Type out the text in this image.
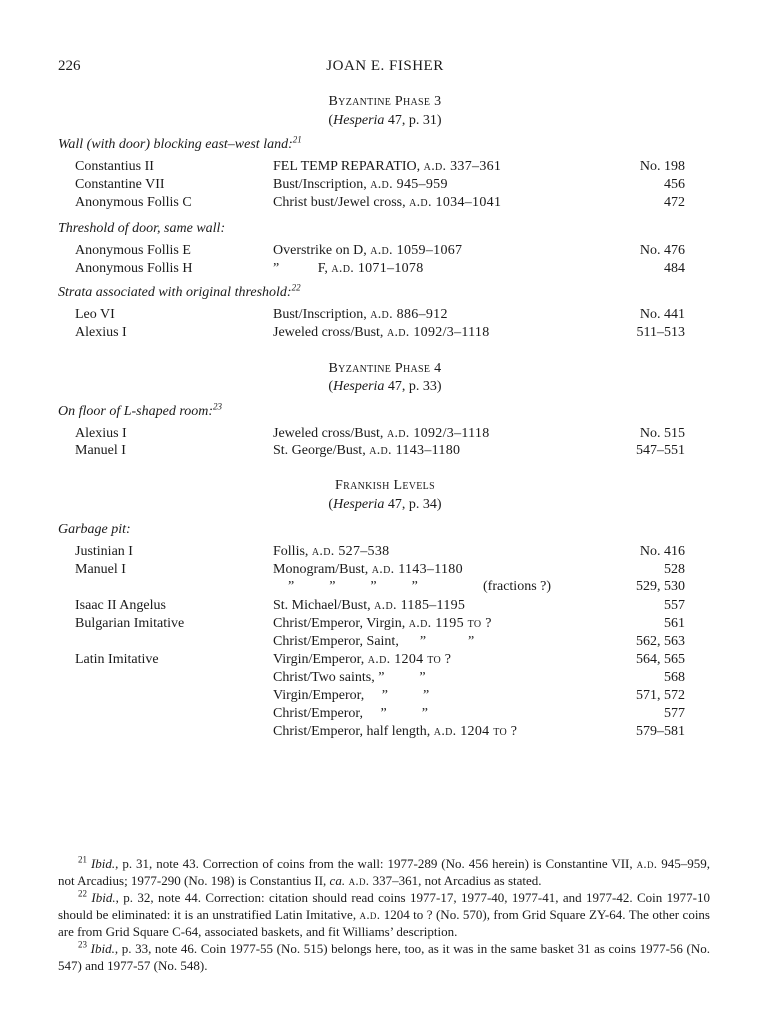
226	JOAN E. FISHER
Byzantine Phase 3
(Hesperia 47, p. 31)
Wall (with door) blocking east–west land:$^{21}$
Constantius II	FEL TEMP REPARATIO, a.d. 337–361	No. 198
Constantine VII	Bust/Inscription, a.d. 945–959	456
Anonymous Follis C	Christ bust/Jewel cross, a.d. 1034–1041	472
Threshold of door, same wall:
Anonymous Follis E	Overstrike on D, a.d. 1059–1067	No. 476
Anonymous Follis H	”           F, a.d. 1071–1078	484
Strata associated with original threshold:$^{22}$
Leo VI	Bust/Inscription, a.d. 886–912	No. 441
Alexius I	Jeweled cross/Bust, a.d. 1092/3–1118	511–513
Byzantine Phase 4
(Hesperia 47, p. 33)
On floor of L-shaped room:$^{23}$
Alexius I	Jeweled cross/Bust, a.d. 1092/3–1118	No. 515
Manuel I	St. George/Bust, a.d. 1143–1180	547–551
Frankish Levels
(Hesperia 47, p. 34)
Garbage pit:
Justinian I	Follis, a.d. 527–538	No. 416
Manuel I	Monogram/Bust, a.d. 1143–1180	528
”          ”          ”          ”	(fractions ?)	529, 530
Isaac II Angelus	St. Michael/Bust, a.d. 1185–1195	557
Bulgarian Imitative	Christ/Emperor, Virgin, a.d. 1195 to ?	561
Christ/Emperor, Saint,      ”            ”	562, 563
Latin Imitative	Virgin/Emperor, a.d. 1204 to ?	564, 565
Christ/Two saints, ”          ”	568
Virgin/Emperor,     ”          ”	571, 572
Christ/Emperor,     ”          ”	577
Christ/Emperor, half length, a.d. 1204 to ?	579–581

$^{21}$ Ibid., p. 31, note 43. Correction of coins from the wall: 1977-289 (No. 456 herein) is Constantine VII, a.d. 945–959, not Arcadius; 1977-290 (No. 198) is Constantius II, ca. a.d. 337–361, not Arcadius as stated.

$^{22}$ Ibid., p. 32, note 44. Correction: citation should read coins 1977-17, 1977-40, 1977-41, and 1977-42. Coin 1977-10 should be eliminated: it is an unstratified Latin Imitative, a.d. 1204 to ? (No. 570), from Grid Square ZY-64. The other coins are from Grid Square C-64, associated baskets, and fit Williams’ description.

$^{23}$ Ibid., p. 33, note 46. Coin 1977-55 (No. 515) belongs here, too, as it was in the same basket 31 as coins 1977-56 (No. 547) and 1977-57 (No. 548).
